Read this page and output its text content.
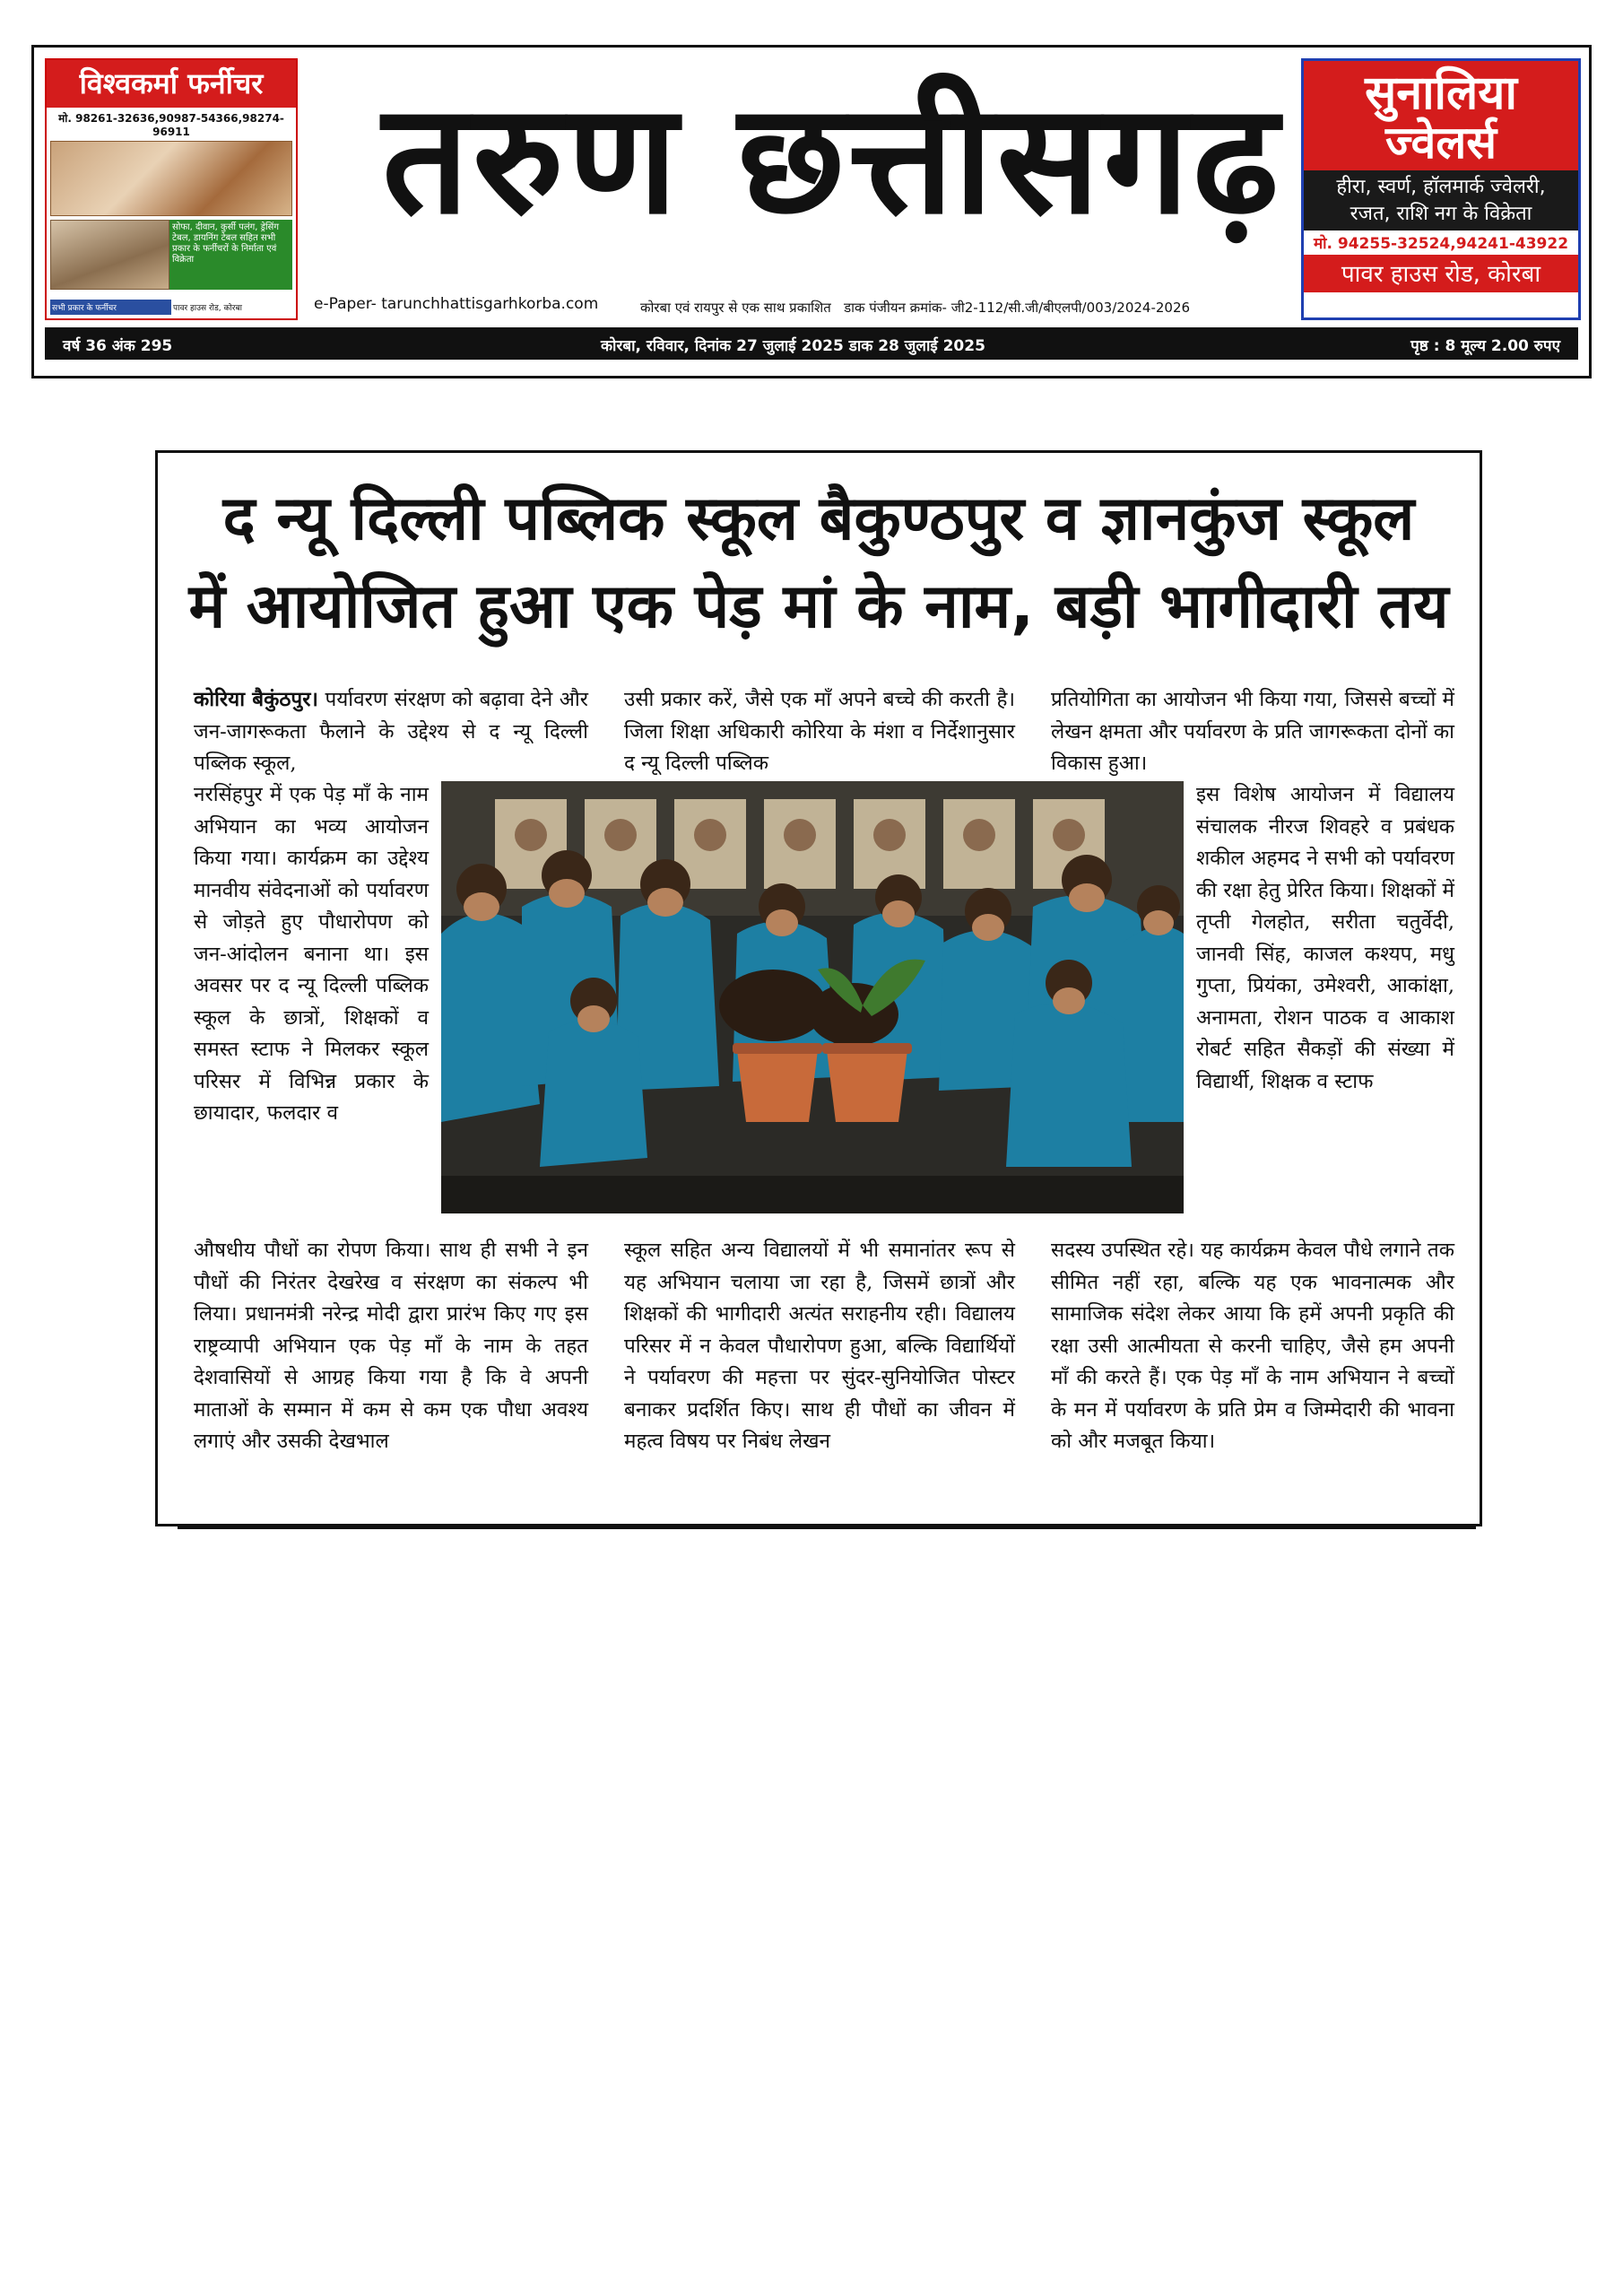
विश्वकर्मा फर्नीचर
मो. 98261-32636,90987-54366,98274-96911
सोफा, दीवान, कुर्सी पलंग, ड्रेसिंग टेबल, डायनिंग टेबल सहित सभी प्रकार के फर्नीचरों के निर्माता एवं विक्रेता
सभी प्रकार के फर्नीचर	पावर हाउस रोड, कोरबा
तरुण छत्तीसगढ़
e-Paper- tarunchhattisgarhkorba.com	कोरबा एवं रायपुर से एक साथ प्रकाशित डाक पंजीयन क्रमांक- जी2-112/सी.जी/बीएलपी/003/2024-2026
सुनालिया
ज्वेलर्स
हीरा, स्वर्ण, हॉलमार्क ज्वेलरी,
रजत, राशि नग के विक्रेता
मो. 94255-32524,94241-43922
पावर हाउस रोड, कोरबा
वर्ष 36 अंक 295	कोरबा, रविवार, दिनांक 27 जुलाई 2025 डाक 28 जुलाई 2025	पृष्ठ : 8 मूल्य 2.00 रुपए
द न्यू दिल्ली पब्लिक स्कूल बैकुण्ठपुर व ज्ञानकुंज स्कूल
में आयोजित हुआ एक पेड़ मां के नाम, बड़ी भागीदारी तय

कोरिया बैकुंठपुर। पर्यावरण संरक्षण को बढ़ावा देने और जन-जागरूकता फैलाने के उद्देश्य से द न्यू दिल्ली पब्लिक स्कूल,

नरसिंहपुर में एक पेड़ माँ के नाम अभियान का भव्य आयोजन किया गया। कार्यक्रम का उद्देश्य मानवीय संवेदनाओं को पर्यावरण से जोड़ते हुए पौधारोपण को जन-आंदोलन बनाना था। इस अवसर पर द न्यू दिल्ली पब्लिक स्कूल के छात्रों, शिक्षकों व समस्त स्टाफ ने मिलकर स्कूल परिसर में विभिन्न प्रकार के छायादार, फलदार व

औषधीय पौधों का रोपण किया। साथ ही सभी ने इन पौधों की निरंतर देखरेख व संरक्षण का संकल्प भी लिया। प्रधानमंत्री नरेन्द्र मोदी द्वारा प्रारंभ किए गए इस राष्ट्रव्यापी अभियान एक पेड़ माँ के नाम के तहत देशवासियों से आग्रह किया गया है कि वे अपनी माताओं के सम्मान में कम से कम एक पौधा अवश्य लगाएं और उसकी देखभाल

उसी प्रकार करें, जैसे एक माँ अपने बच्चे की करती है। जिला शिक्षा अधिकारी कोरिया के मंशा व निर्देशानुसार द न्यू दिल्ली पब्लिक

स्कूल सहित अन्य विद्यालयों में भी समानांतर रूप से यह अभियान चलाया जा रहा है, जिसमें छात्रों और शिक्षकों की भागीदारी अत्यंत सराहनीय रही। विद्यालय परिसर में न केवल पौधारोपण हुआ, बल्कि विद्यार्थियों ने पर्यावरण की महत्ता पर सुंदर-सुनियोजित पोस्टर बनाकर प्रदर्शित किए। साथ ही पौधों का जीवन में महत्व विषय पर निबंध लेखन

प्रतियोगिता का आयोजन भी किया गया, जिससे बच्चों में लेखन क्षमता और पर्यावरण के प्रति जागरूकता दोनों का विकास हुआ।

इस विशेष आयोजन में विद्यालय संचालक नीरज शिवहरे व प्रबंधक शकील अहमद ने सभी को पर्यावरण की रक्षा हेतु प्रेरित किया। शिक्षकों में तृप्ती गेलहोत, सरीता चतुर्वेदी, जानवी सिंह, काजल कश्यप, मधु गुप्ता, प्रियंका, उमेश्वरी, आकांक्षा, अनामता, रोशन पाठक व आकाश रोबर्ट सहित सैकड़ों की संख्या में विद्यार्थी, शिक्षक व स्टाफ

सदस्य उपस्थित रहे। यह कार्यक्रम केवल पौधे लगाने तक सीमित नहीं रहा, बल्कि यह एक भावनात्मक और सामाजिक संदेश लेकर आया कि हमें अपनी प्रकृति की रक्षा उसी आत्मीयता से करनी चाहिए, जैसे हम अपनी माँ की करते हैं। एक पेड़ माँ के नाम अभियान ने बच्चों के मन में पर्यावरण के प्रति प्रेम व जिम्मेदारी की भावना को और मजबूत किया।
